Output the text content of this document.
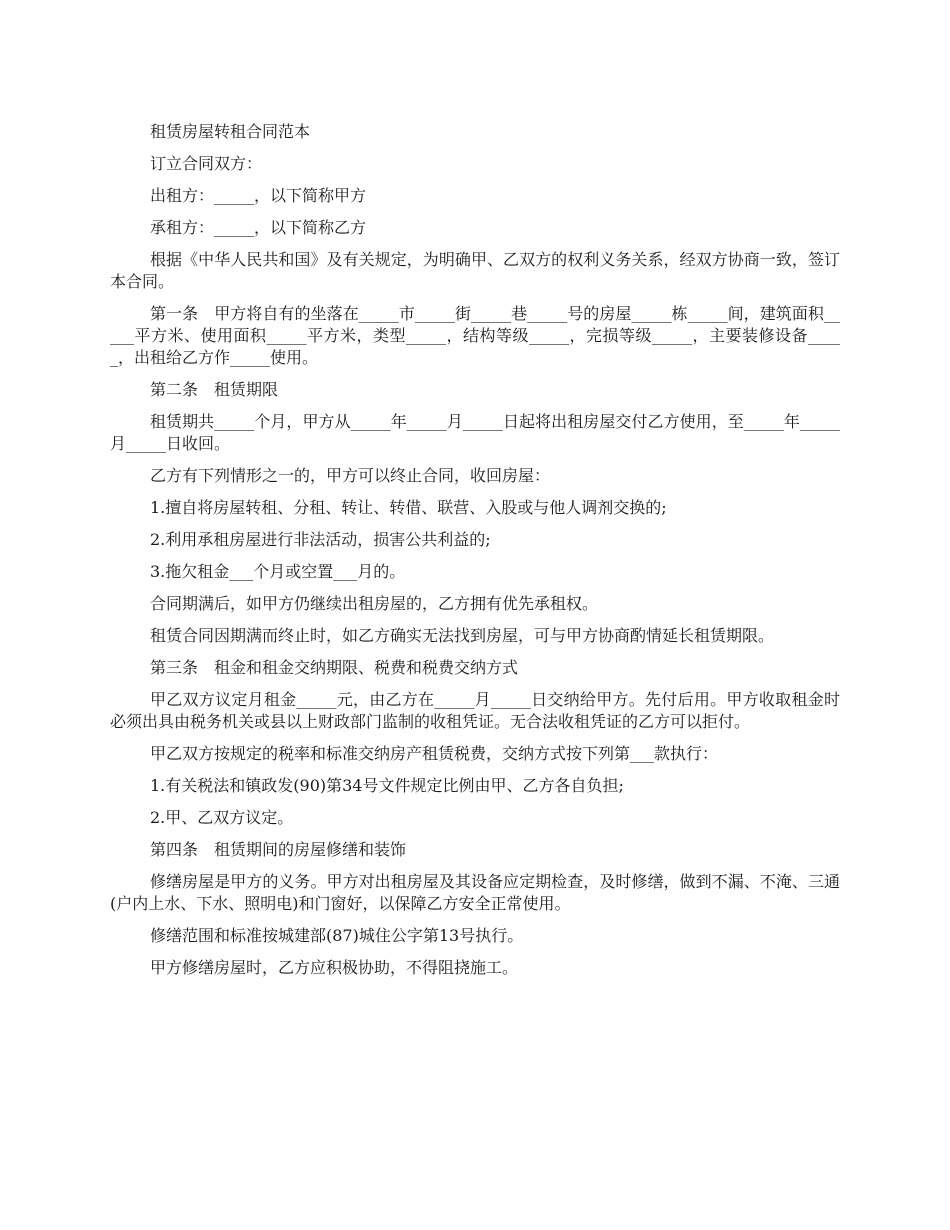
租赁房屋转租合同范本

订立合同双方：

出租方：_____，以下简称甲方

承租方：_____，以下简称乙方

根据《中华人民共和国》及有关规定，为明确甲、乙双方的权利义务关系，经双方协商一致，签订本合同。

第一条　甲方将自有的坐落在_____市_____街_____巷_____号的房屋_____栋_____间，建筑面积_____平方米、使用面积_____平方米，类型_____，结构等级_____，完损等级_____，主要装修设备_____，出租给乙方作_____使用。

第二条　租赁期限

租赁期共_____个月，甲方从_____年_____月_____日起将出租房屋交付乙方使用，至_____年_____月_____日收回。

乙方有下列情形之一的，甲方可以终止合同，收回房屋：

1.擅自将房屋转租、分租、转让、转借、联营、入股或与他人调剂交换的;

2.利用承租房屋进行非法活动，损害公共利益的;

3.拖欠租金___个月或空置___月的。

合同期满后，如甲方仍继续出租房屋的，乙方拥有优先承租权。

租赁合同因期满而终止时，如乙方确实无法找到房屋，可与甲方协商酌情延长租赁期限。

第三条　租金和租金交纳期限、税费和税费交纳方式

甲乙双方议定月租金_____元，由乙方在_____月_____日交纳给甲方。先付后用。甲方收取租金时必须出具由税务机关或县以上财政部门监制的收租凭证。无合法收租凭证的乙方可以拒付。

甲乙双方按规定的税率和标准交纳房产租赁税费，交纳方式按下列第___款执行：

1.有关税法和镇政发(90)第34号文件规定比例由甲、乙方各自负担;

2.甲、乙双方议定。

第四条　租赁期间的房屋修缮和装饰

修缮房屋是甲方的义务。甲方对出租房屋及其设备应定期检查，及时修缮，做到不漏、不淹、三通(户内上水、下水、照明电)和门窗好，以保障乙方安全正常使用。

修缮范围和标准按城建部(87)城住公字第13号执行。

甲方修缮房屋时，乙方应积极协助，不得阻挠施工。
